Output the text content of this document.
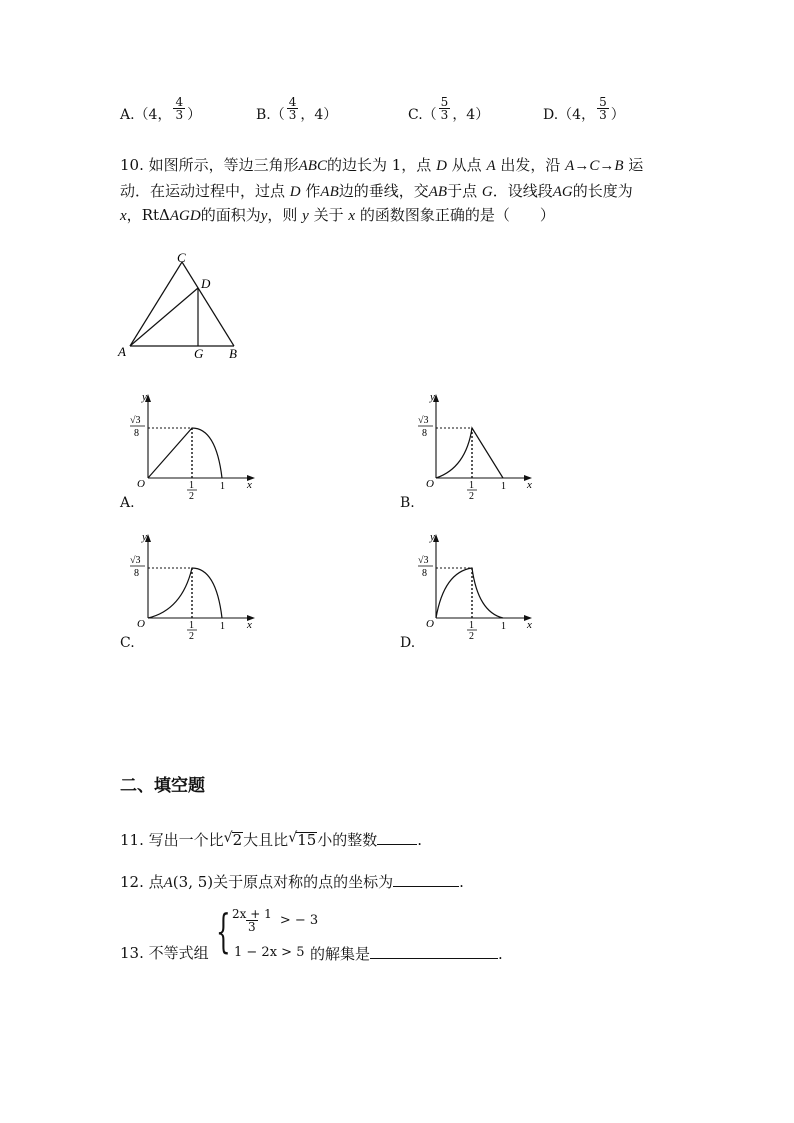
A.（4， $\frac{4}{3}$ ）	$B.( \frac{4}{3}$ ，4）	$C.( \frac{5}{3}$ ，4）	D.（4， $\frac{5}{3}$ ）
10. 如图所示，等边三角形ABC的边长为 1，点 D 从点 A 出发，沿 A→C→B 运
动．在运动过程中，过点 D 作AB边的垂线，交AB于点 G．设线段AG的长度为
x，RtΔAGD的面积为y，则 y 关于 x 的函数图象正确的是（　　）
C
D
A	G B
y
x
O	1
1
2
√3
8
A.
y
x
O	1
1
2
√3
8
B.
y
x
O	1
1
2
√3
8
C.
y
x
O	1
1
2
√3
8
D.
二、填空题
11. 写出一个比 √ 2大且比 √ 15小的整数	.
12. 点A(3, 5)关于原点对称的点的坐标为	.
13. 不等式组 { $\frac{2x + 1}{3}$ > − 3
1 − 2x > 5 的解集是	.
